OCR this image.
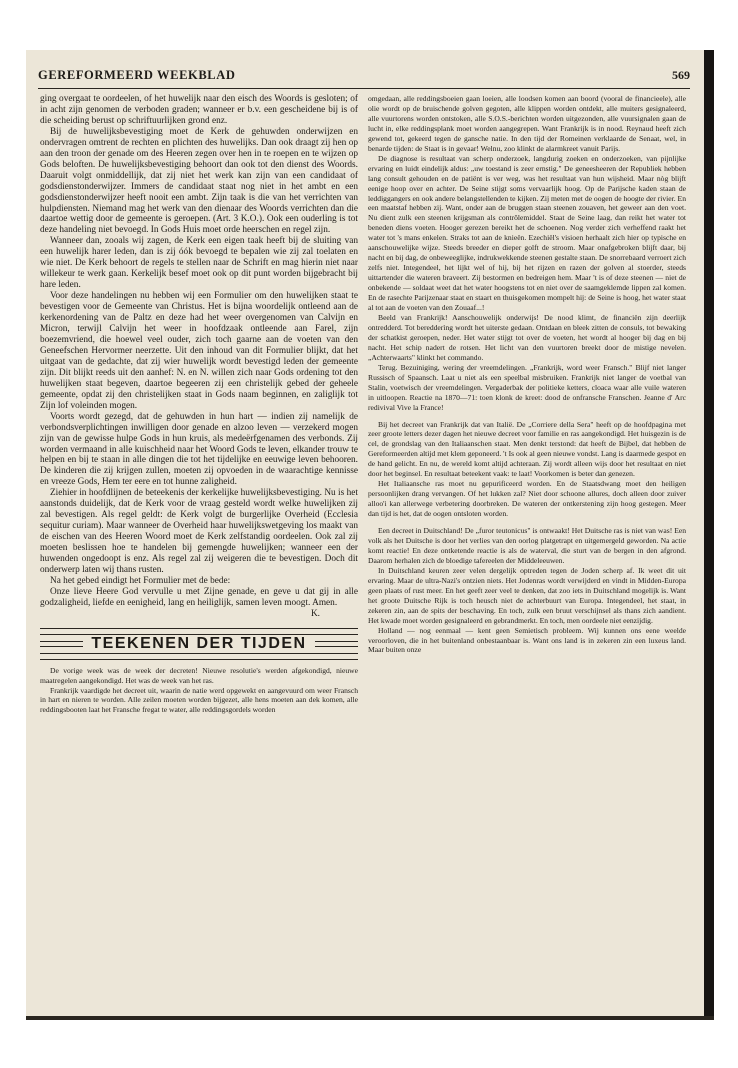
GEREFORMEERD WEEKBLAD	569

ging overgaat te oordeelen, of het huwelijk naar den eisch des Woords is gesloten; of in acht zijn genomen de verboden graden; wanneer er b.v. een gescheidene bij is of die scheiding berust op schriftuurlijken grond enz.

Bij de huwelijksbevestiging moet de Kerk de gehuwden onderwijzen en ondervragen omtrent de rechten en plichten des huwelijks. Dan ook draagt zij hen op aan den troon der genade om des Heeren zegen over hen in te roepen en te wijzen op Gods beloften. De huwelijksbevestiging behoort dan ook tot den dienst des Woords. Daaruit volgt onmiddellijk, dat zij niet het werk kan zijn van een candidaat of godsdienstonderwijzer. Immers de candidaat staat nog niet in het ambt en een godsdienstonderwijzer heeft nooit een ambt. Zijn taak is die van het verrichten van hulpdiensten. Niemand mag het werk van den dienaar des Woords verrichten dan die daartoe wettig door de gemeente is geroepen. (Art. 3 K.O.). Ook een ouderling is tot deze handeling niet bevoegd. In Gods Huis moet orde heerschen en regel zijn.

Wanneer dan, zooals wij zagen, de Kerk een eigen taak heeft bij de sluiting van een huwelijk harer leden, dan is zij óók bevoegd te bepalen wie zij zal toelaten en wie niet. De Kerk behoort de regels te stellen naar de Schrift en mag hierin niet naar willekeur te werk gaan. Kerkelijk besef moet ook op dit punt worden bijgebracht bij hare leden.

Voor deze handelingen nu hebben wij een Formulier om den huwelijken staat te bevestigen voor de Gemeente van Christus. Het is bijna woordelijk ontleend aan de kerkenordening van de Paltz en deze had het weer overgenomen van Calvijn en Micron, terwijl Calvijn het weer in hoofdzaak ontleende aan Farel, zijn boezemvriend, die hoewel veel ouder, zich toch gaarne aan de voeten van den Geneefschen Hervormer neerzette. Uit den inhoud van dit Formulier blijkt, dat het uitgaat van de gedachte, dat zij wier huwelijk wordt bevestigd leden der gemeente zijn. Dit blijkt reeds uit den aanhef: N. en N. willen zich naar Gods ordening tot den huwelijken staat begeven, daartoe begeeren zij een christelijk gebed der geheele gemeente, opdat zij den christelijken staat in Gods naam beginnen, en zaliglijk tot Zijn lof voleinden mogen.

Voorts wordt gezegd, dat de gehuwden in hun hart — indien zij namelijk de verbondsverplichtingen inwilligen door genade en alzoo leven — verzekerd mogen zijn van de gewisse hulpe Gods in hun kruis, als medeërfgenamen des verbonds. Zij worden vermaand in alle kuischheid naar het Woord Gods te leven, elkander trouw te helpen en bij te staan in alle dingen die tot het tijdelijke en eeuwige leven behooren. De kinderen die zij krijgen zullen, moeten zij opvoeden in de waarachtige kennisse en vreeze Gods, Hem ter eere en tot hunne zaligheid.

Ziehier in hoofdlijnen de beteekenis der kerkelijke huwelijksbevestiging. Nu is het aanstonds duidelijk, dat de Kerk voor de vraag gesteld wordt welke huwelijken zij zal bevestigen. Als regel geldt: de Kerk volgt de burgerlijke Overheid (Ecclesia sequitur curiam). Maar wanneer de Overheid haar huwelijkswetgeving los maakt van de eischen van des Heeren Woord moet de Kerk zelfstandig oordeelen. Ook zal zij moeten beslissen hoe te handelen bij gemengde huwelijken; wanneer een der huwenden ongedoopt is enz. Als regel zal zij weigeren die te bevestigen. Doch dit onderwerp laten wij thans rusten.

Na het gebed eindigt het Formulier met de bede:

Onze lieve Heere God vervulle u met Zijne genade, en geve u dat gij in alle godzaligheid, liefde en eenigheid, lang en heiliglijk, samen leven moogt. Amen.

K.
TEEKENEN DER TIJDEN

De vorige week was de week der decreten! Nieuwe resolutie's werden afgekondigd, nieuwe maatregelen aangekondigd. Het was de week van het ras.

Frankrijk vaardigde het decreet uit, waarin de natie werd opgewekt en aangevuurd om weer Fransch in hart en nieren te worden. Alle zeilen moeten worden bijgezet, alle hens moeten aan dek komen, alle reddingsbooten laat het Fransche fregat te water, alle reddingsgordels worden

omgedaan, alle reddingsboeien gaan loeien, alle loodsen komen aan boord (vooral de financieele), alle olie wordt op de bruischende golven gegoten, alle klippen worden ontdekt, alle muiters gesignaleerd, alle vuurtorens worden ontstoken, alle S.O.S.-berichten worden uitgezonden, alle vuursignalen gaan de lucht in, elke reddingsplank moet worden aangegrepen. Want Frankrijk is in nood. Reynaud heeft zich gewend tot, gekeerd tegen de gansche natie. In den tijd der Romeinen verklaarde de Senaat, wel, in benarde tijden: de Staat is in gevaar! Welnu, zoo klinkt de alarmkreet vanuit Parijs.

De diagnose is resultaat van scherp onderzoek, langdurig zoeken en onderzoeken, van pijnlijke ervaring en luidt eindelijk aldus: „uw toestand is zeer ernstig." De geneesheeren der Republiek hebben lang consult gehouden en de patiënt is ver weg, was het resultaat van hun wijsheid. Maar nòg blijft eenige hoop over en achter. De Seine stijgt soms vervaarlijk hoog. Op de Parijsche kaden staan de leddiggangers en ook andere belangstellenden te kijken. Zij meten met de oogen de hoogte der rivier. En een maatstaf hebben zij. Want, onder aan de bruggen staan steenen zouaven, het geweer aan den voet. Nu dient zulk een steenen krijgsman als contrôlemiddel. Staat de Seine laag, dan reikt het water tot beneden diens voeten. Hooger gerezen bereikt het de schoenen. Nog verder zich verheffend raakt het water tot 's mans enkelen. Straks tot aan de knieën. Ezechiël's visioen herhaalt zich hier op typische en aanschouwelijke wijze. Steeds breeder en dieper golft de stroom. Maar onafgebroken blijft daar, bij nacht en bij dag, de onbeweeglijke, indrukwekkende steenen gestalte staan. De snorrebaard verroert zich zelfs niet. Integendeel, het lijkt wel of hij, bij het rijzen en razen der golven al stoerder, steeds uittartender die wateren braveert. Zij bestormen en bedreigen hem. Maar 't is of deze steenen — niet de onbekende — soldaat weet dat het water hoogstens tot en niet over de saamgeklemde lippen zal komen. En de rasechte Parijzenaar staat en staart en thuisgekomen mompelt hij: de Seine is hoog, het water staat al tot aan de voeten van den Zouaaf...!

Beeld van Frankrijk! Aanschouwelijk onderwijs! De nood klimt, de financiën zijn deerlijk ontredderd. Tot beredderìng wordt het uiterste gedaan. Ontdaan en bleek zitten de consuls, tot bewaking der schatkist geroepen, neder. Het water stijgt tot over de voeten, het wordt al hooger bij dag en bij nacht. Het schip nadert de rotsen. Het licht van den vuurtoren breekt door de mistige nevelen. „Achterwaarts" klinkt het commando.

Terug. Bezuiniging, wering der vreemdelingen. „Frankrijk, word weer Fransch." Blijf niet langer Russisch of Spaansch. Laat u niet als een speelbal misbruiken. Frankrijk niet langer de voetbal van Stalin, voetwisch der vreemdelingen. Vergaderbak der politieke ketters, cloaca waar alle vuile wateren in uitloopen. Reactie na 1870—71: toen klonk de kreet: dood de onfransche Franschen. Jeanne d' Arc redivival Vive la France!

Bij het decreet van Frankrijk dat van Italië. De „Corriere della Sera" heeft op de hoofdpagina met zeer groote letters dezer dagen het nieuwe decreet voor familie en ras aangekondigd. Het huisgezin is de cel, de grondslag van den Italiaanschen staat. Men denkt terstond: dat heeft de Bijbel, dat hebben de Gereformeerden altijd met klem geponeerd. 't Is ook al geen nieuwe vondst. Lang is daarmede gespot en de hand gelicht. En nu, de wereld komt altijd achteraan. Zij wordt alleen wijs door het resultaat en niet door het beginsel. En resultaat beteekent vaak: te laat! Voorkomen is beter dan genezen.

Het Italiaansche ras moet nu gepurificeerd worden. En de Staatsdwang moet den heiligen persoonlijken drang vervangen. Of het lukken zal? Niet door schoone allures, doch alleen door zuiver alloo'i kan allerwege verbetering doorbreken. De wateren der ontkerstening zijn hoog gestegen. Meer dan tijd is het, dat de oogen ontsloten worden.

Een decreet in Duitschland! De „furor teutonicus" is ontwaakt! Het Duitsche ras is niet van was! Een volk als het Duitsche is door het verlies van den oorlog platgetrapt en uitgemergeld geworden. Na actie komt reactie! En deze ontketende reactie is als de waterval, die sturt van de bergen in den afgrond. Daarom herhalen zich de bloedige tafereelen der Middeleeuwen.

In Duitschland keuren zeer velen dergelijk optreden tegen de Joden scherp af. Ik weet dit uit ervaring. Maar de ultra-Nazi's ontzien niets. Het Jodenras wordt verwijderd en vindt in Midden-Europa geen plaats of rust meer. En het geeft zeer veel te denken, dat zoo iets in Duitschland mogelijk is. Want het groote Duitsche Rijk is toch heusch niet de achterbuurt van Europa. Integendeel, het staat, in zekeren zin, aan de spits der beschaving. En toch, zulk een bruut verschijnsel als thans zich aandient. Het kwade moet worden gesignaleerd en gebrandmerkt. En toch, men oordeele niet eenzijdig.

Holland — nog eenmaal — kent geen Semietisch probleem. Wij kunnen ons eene weelde veroorloven, die in het buitenland onbestaanbaar is. Want ons land is in zekeren zin een luxeus land. Maar buiten onze
